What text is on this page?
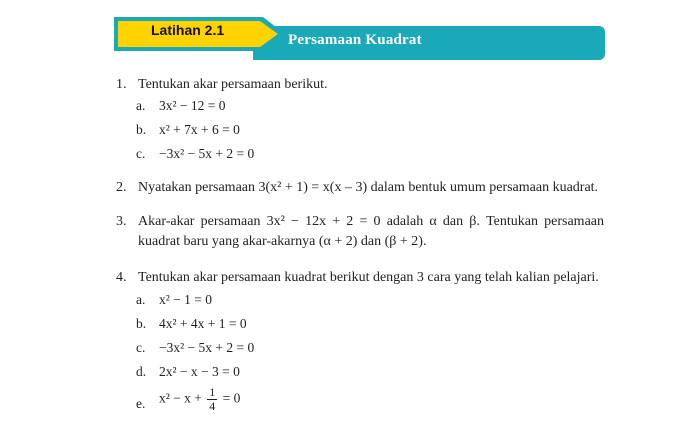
Latihan 2.1
Persamaan Kuadrat
1. Tentukan akar persamaan berikut.
a. 3x² − 12 = 0
b. x² + 7x + 6 = 0
c. −3x² − 5x + 2 = 0
2. Nyatakan persamaan 3(x² + 1) = x(x – 3) dalam bentuk umum persamaan kuadrat.
3. Akar-akar persamaan 3x² − 12x + 2 = 0 adalah α dan β. Tentukan persamaan kuadrat baru yang akar-akarnya (α + 2) dan (β + 2).
4. Tentukan akar persamaan kuadrat berikut dengan 3 cara yang telah kalian pelajari.
a. x² − 1 = 0
b. 4x² + 4x + 1 = 0
c. −3x² − 5x + 2 = 0
d. 2x² − x − 3 = 0
e. $x^2 - x + \frac{1}{4} = 0$
